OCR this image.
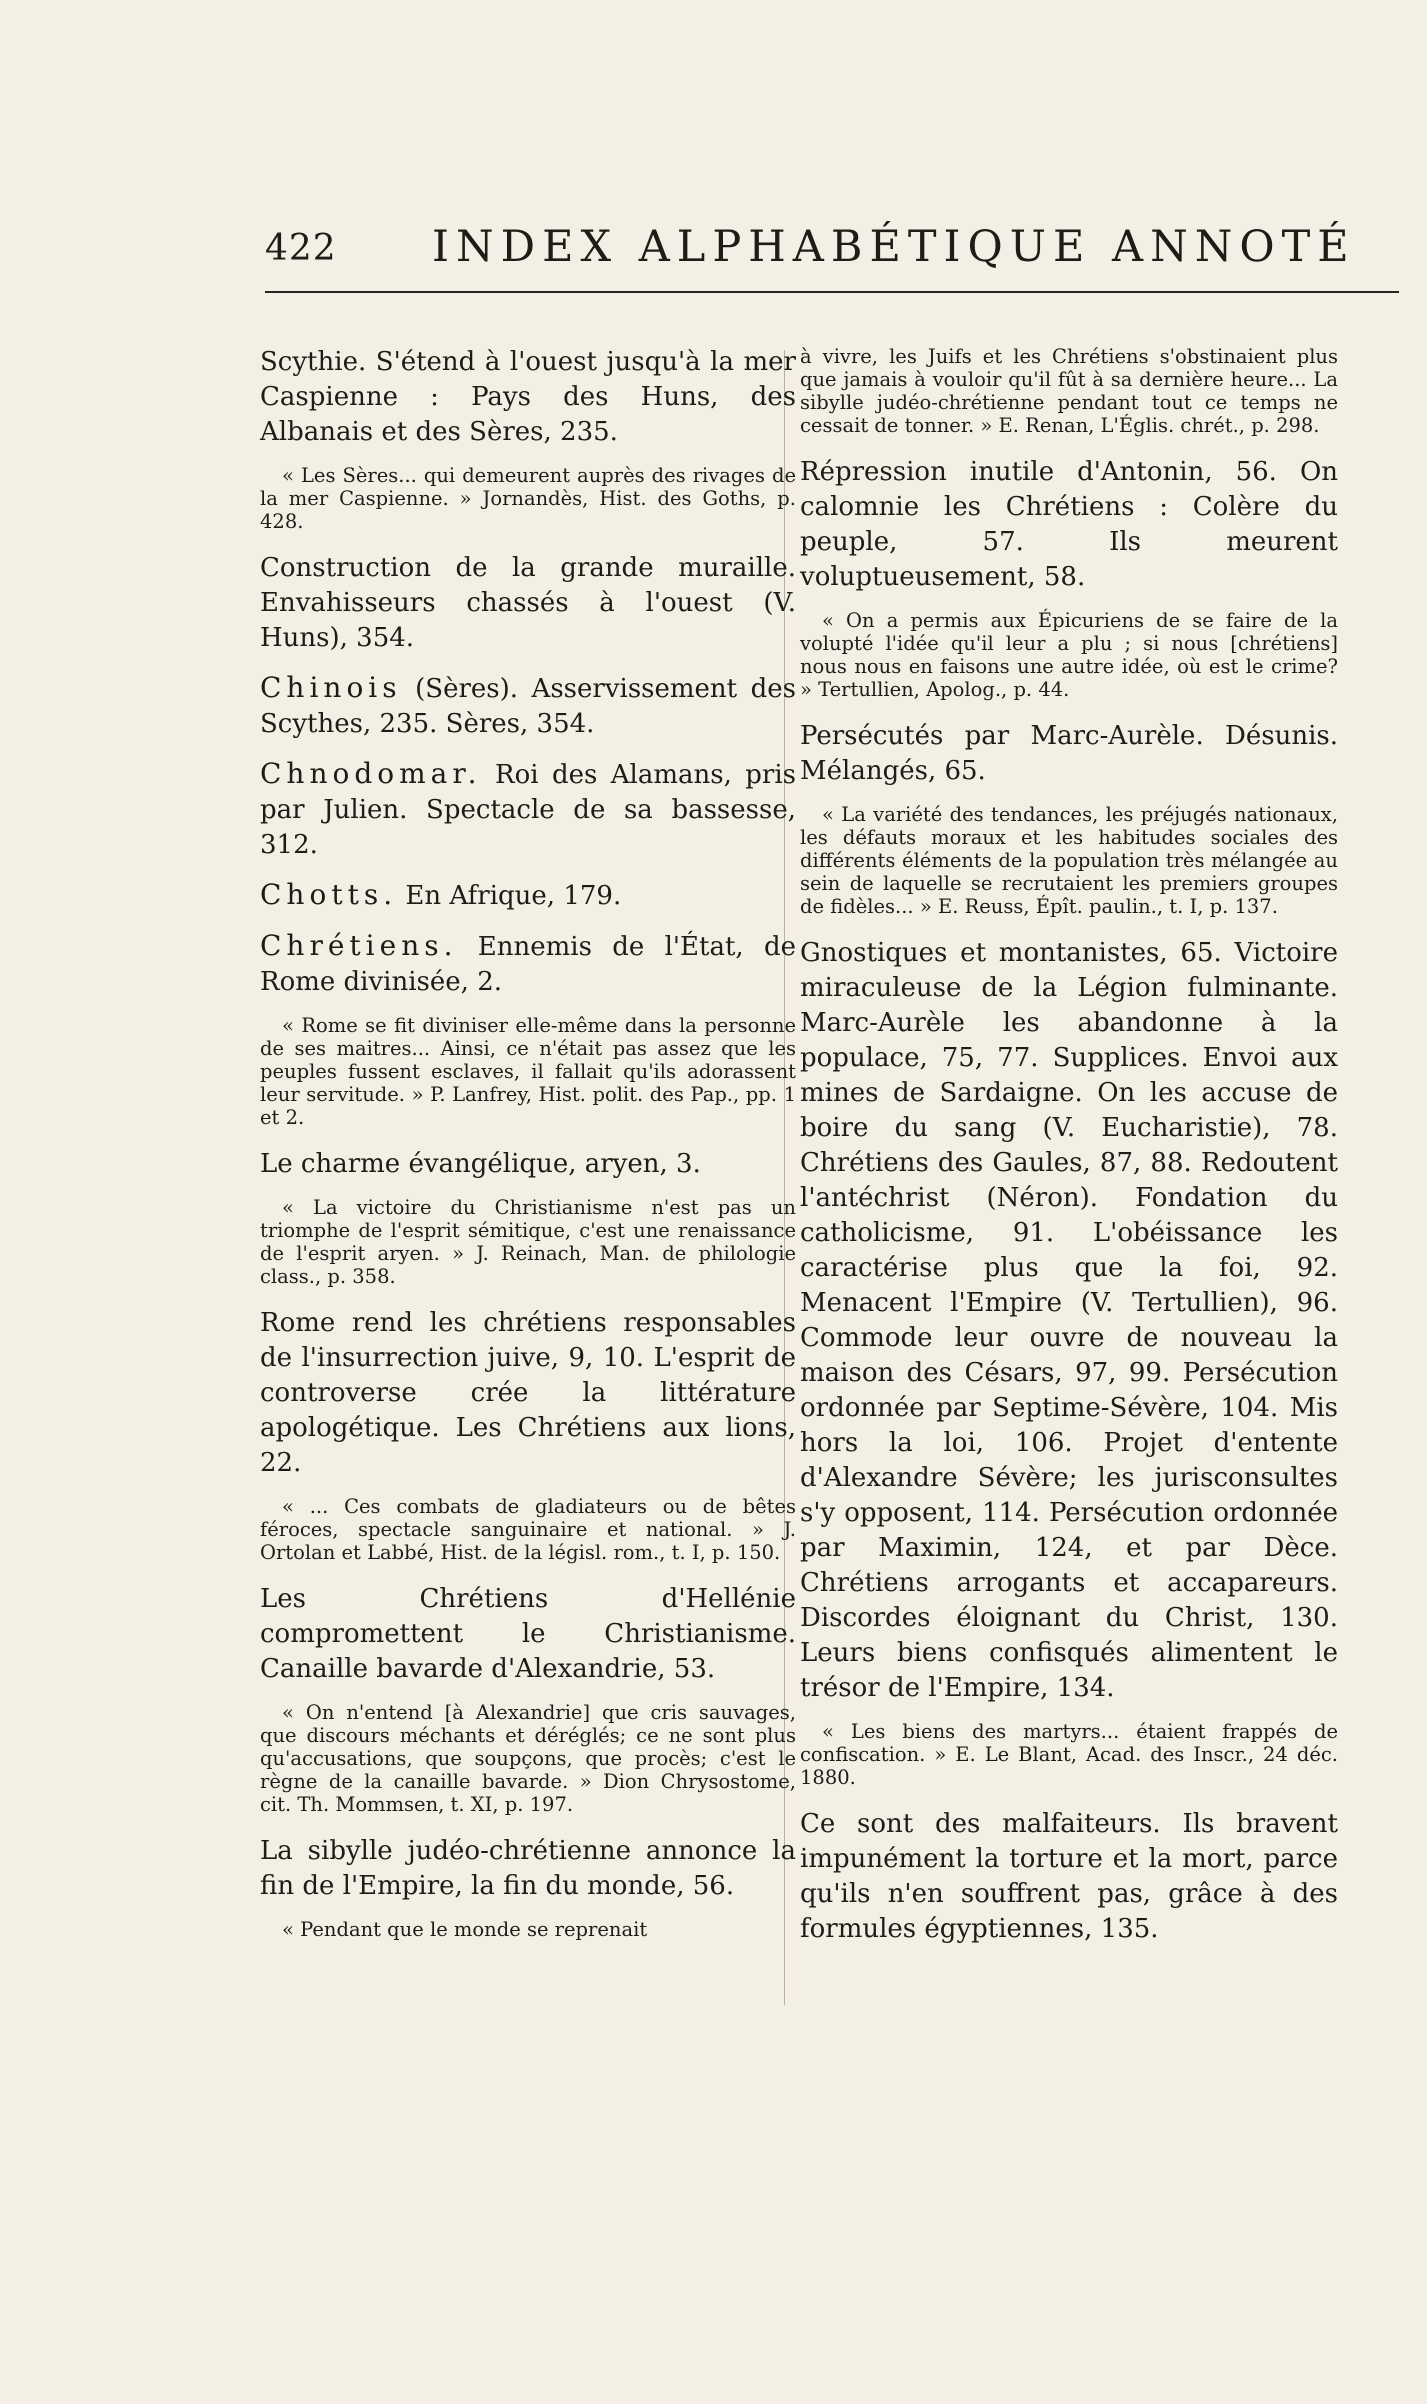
422 INDEX ALPHABÉTIQUE ANNOTÉ

Scythie. S'étend à l'ouest jusqu'à la mer Caspienne : Pays des Huns, des Albanais et des Sères, 235.

« Les Sères... qui demeurent auprès des rivages de la mer Caspienne. » Jornandès, Hist. des Goths, p. 428.

Construction de la grande muraille. Envahisseurs chassés à l'ouest (V. Huns), 354.

Chinois (Sères). Asservissement des Scythes, 235. Sères, 354.

Chnodomar. Roi des Alamans, pris par Julien. Spectacle de sa bassesse, 312.

Chotts. En Afrique, 179.

Chrétiens. Ennemis de l'État, de Rome divinisée, 2.

« Rome se fit diviniser elle-même dans la personne de ses maitres... Ainsi, ce n'était pas assez que les peuples fussent esclaves, il fallait qu'ils adorassent leur servitude. » P. Lanfrey, Hist. polit. des Pap., pp. 1 et 2.

Le charme évangélique, aryen, 3.

« La victoire du Christianisme n'est pas un triomphe de l'esprit sémitique, c'est une renaissance de l'esprit aryen. » J. Reinach, Man. de philologie class., p. 358.

Rome rend les chrétiens responsables de l'insurrection juive, 9, 10. L'esprit de controverse crée la littérature apologétique. Les Chrétiens aux lions, 22.

« ... Ces combats de gladiateurs ou de bêtes féroces, spectacle sanguinaire et national. » J. Ortolan et Labbé, Hist. de la législ. rom., t. I, p. 150.

Les Chrétiens d'Hellénie compromettent le Christianisme. Canaille bavarde d'Alexandrie, 53.

« On n'entend [à Alexandrie] que cris sauvages, que discours méchants et déréglés; ce ne sont plus qu'accusations, que soupçons, que procès; c'est le règne de la canaille bavarde. » Dion Chrysostome, cit. Th. Mommsen, t. XI, p. 197.

La sibylle judéo-chrétienne annonce la fin de l'Empire, la fin du monde, 56.

« Pendant que le monde se reprenait

à vivre, les Juifs et les Chrétiens s'obstinaient plus que jamais à vouloir qu'il fût à sa dernière heure... La sibylle judéo-chrétienne pendant tout ce temps ne cessait de tonner. » E. Renan, L'Églis. chrét., p. 298.

Répression inutile d'Antonin, 56. On calomnie les Chrétiens : Colère du peuple, 57. Ils meurent voluptueusement, 58.

« On a permis aux Épicuriens de se faire de la volupté l'idée qu'il leur a plu ; si nous [chrétiens] nous nous en faisons une autre idée, où est le crime? » Tertullien, Apolog., p. 44.

Persécutés par Marc-Aurèle. Désunis. Mélangés, 65.

« La variété des tendances, les préjugés nationaux, les défauts moraux et les habitudes sociales des différents éléments de la population très mélangée au sein de laquelle se recrutaient les premiers groupes de fidèles... » E. Reuss, Épît. paulin., t. I, p. 137.

Gnostiques et montanistes, 65. Victoire miraculeuse de la Légion fulminante. Marc-Aurèle les abandonne à la populace, 75, 77. Supplices. Envoi aux mines de Sardaigne. On les accuse de boire du sang (V. Eucharistie), 78. Chrétiens des Gaules, 87, 88. Redoutent l'antéchrist (Néron). Fondation du catholicisme, 91. L'obéissance les caractérise plus que la foi, 92. Menacent l'Empire (V. Tertullien), 96. Commode leur ouvre de nouveau la maison des Césars, 97, 99. Persécution ordonnée par Septime-Sévère, 104. Mis hors la loi, 106. Projet d'entente d'Alexandre Sévère; les jurisconsultes s'y opposent, 114. Persécution ordonnée par Maximin, 124, et par Dèce. Chrétiens arrogants et accapareurs. Discordes éloignant du Christ, 130. Leurs biens confisqués alimentent le trésor de l'Empire, 134.

« Les biens des martyrs... étaient frappés de confiscation. » E. Le Blant, Acad. des Inscr., 24 déc. 1880.

Ce sont des malfaiteurs. Ils bravent impunément la torture et la mort, parce qu'ils n'en souffrent pas, grâce à des formules égyptiennes, 135.
